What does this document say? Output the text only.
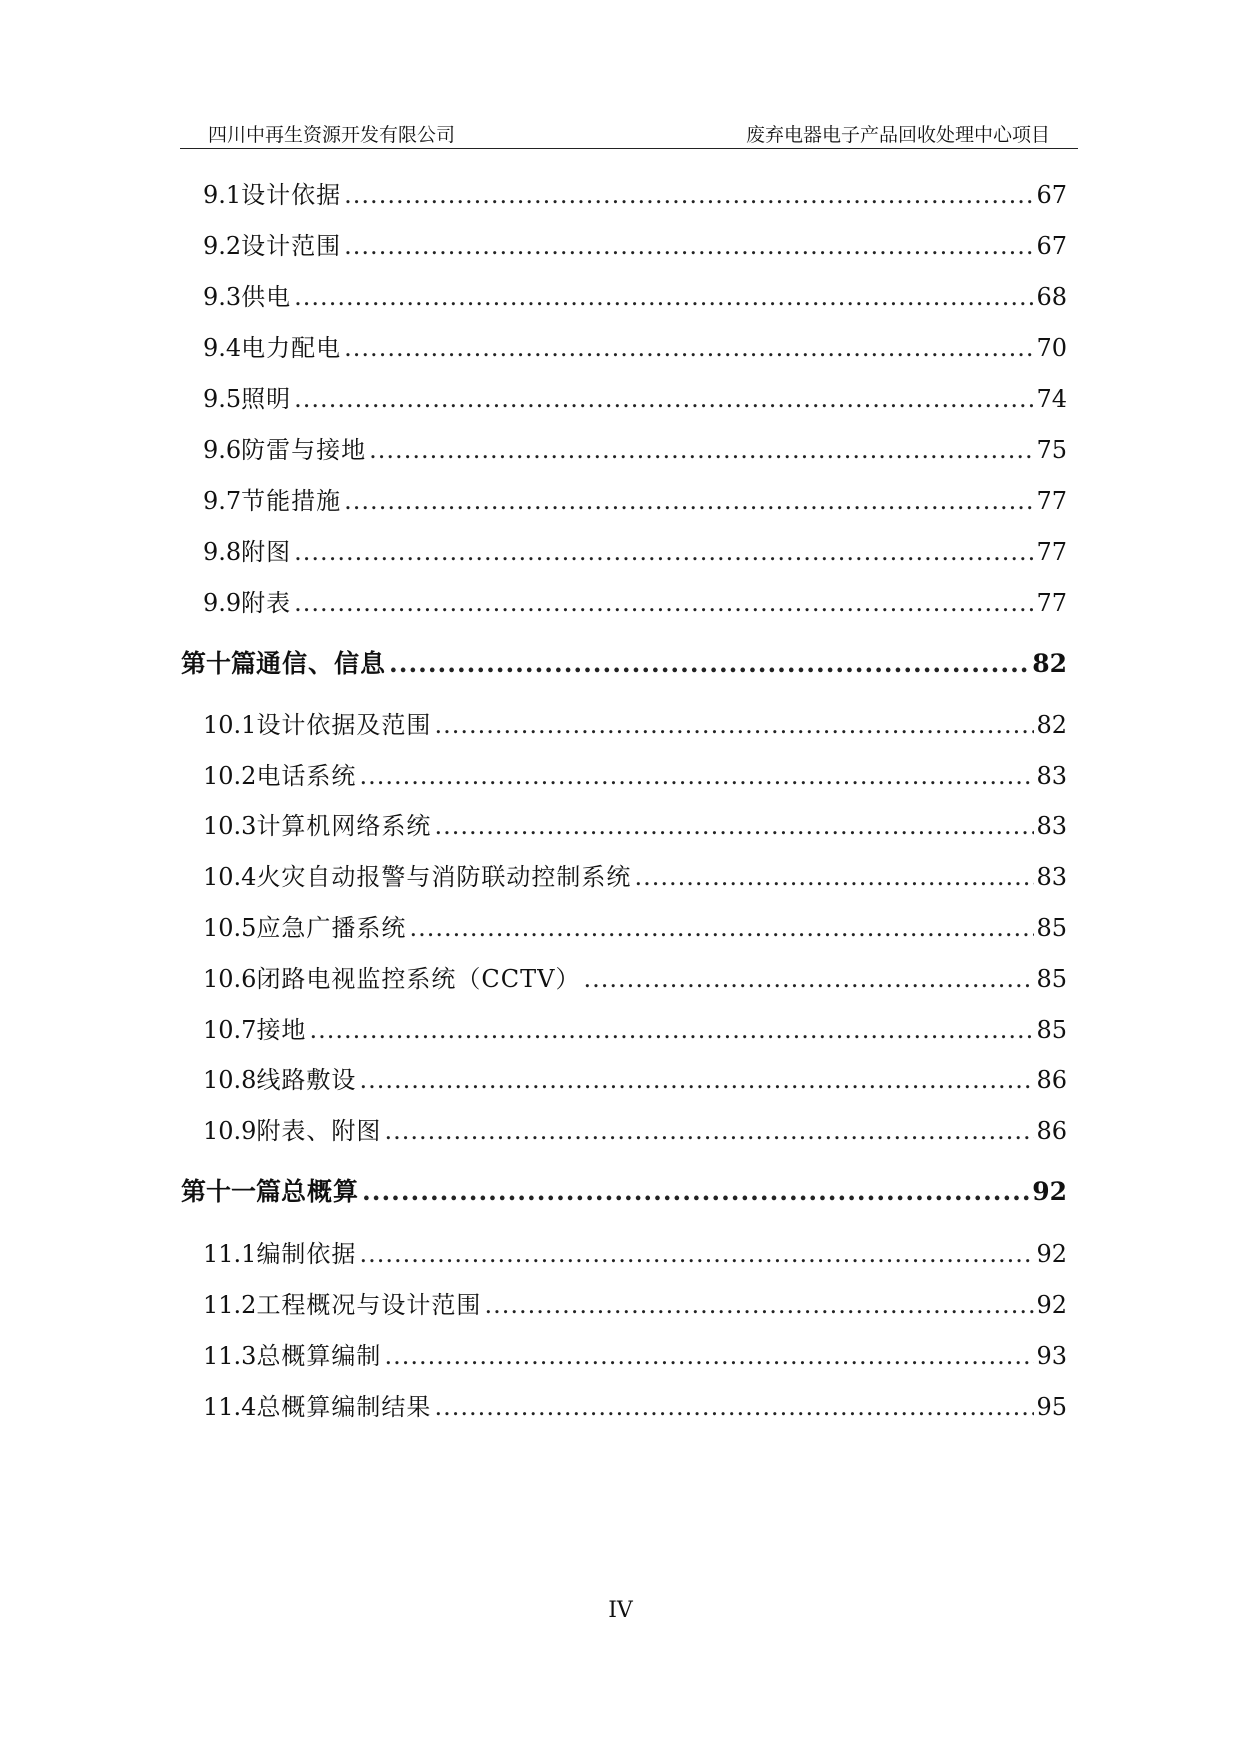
四川中再生资源开发有限公司	废弃电器电子产品回收处理中心项目
9.1 设计依据 .....	67
9.2 设计范围 .....	67
9.3 供电 .....	68
9.4 电力配电 .....	70
9.5 照明 .....	74
9.6 防雷与接地 .....	75
9.7 节能措施 .....	77
9.8 附图 .....	77
9.9 附表 .....	77
第十篇 通信、信息 .....	82
10.1 设计依据及范围 .....	82
10.2 电话系统 .....	83
10.3 计算机网络系统 .....	83
10.4 火灾自动报警与消防联动控制系统 .....	83
10.5 应急广播系统 .....	85
10.6 闭路电视监控系统（CCTV） .....	85
10.7 接地 .....	85
10.8 线路敷设 .....	86
10.9 附表、附图 .....	86
第十一篇 总概算 .....	92
11.1 编制依据 .....	92
11.2 工程概况与设计范围 .....	92
11.3 总概算编制 .....	93
11.4 总概算编制结果 .....	95
IV
